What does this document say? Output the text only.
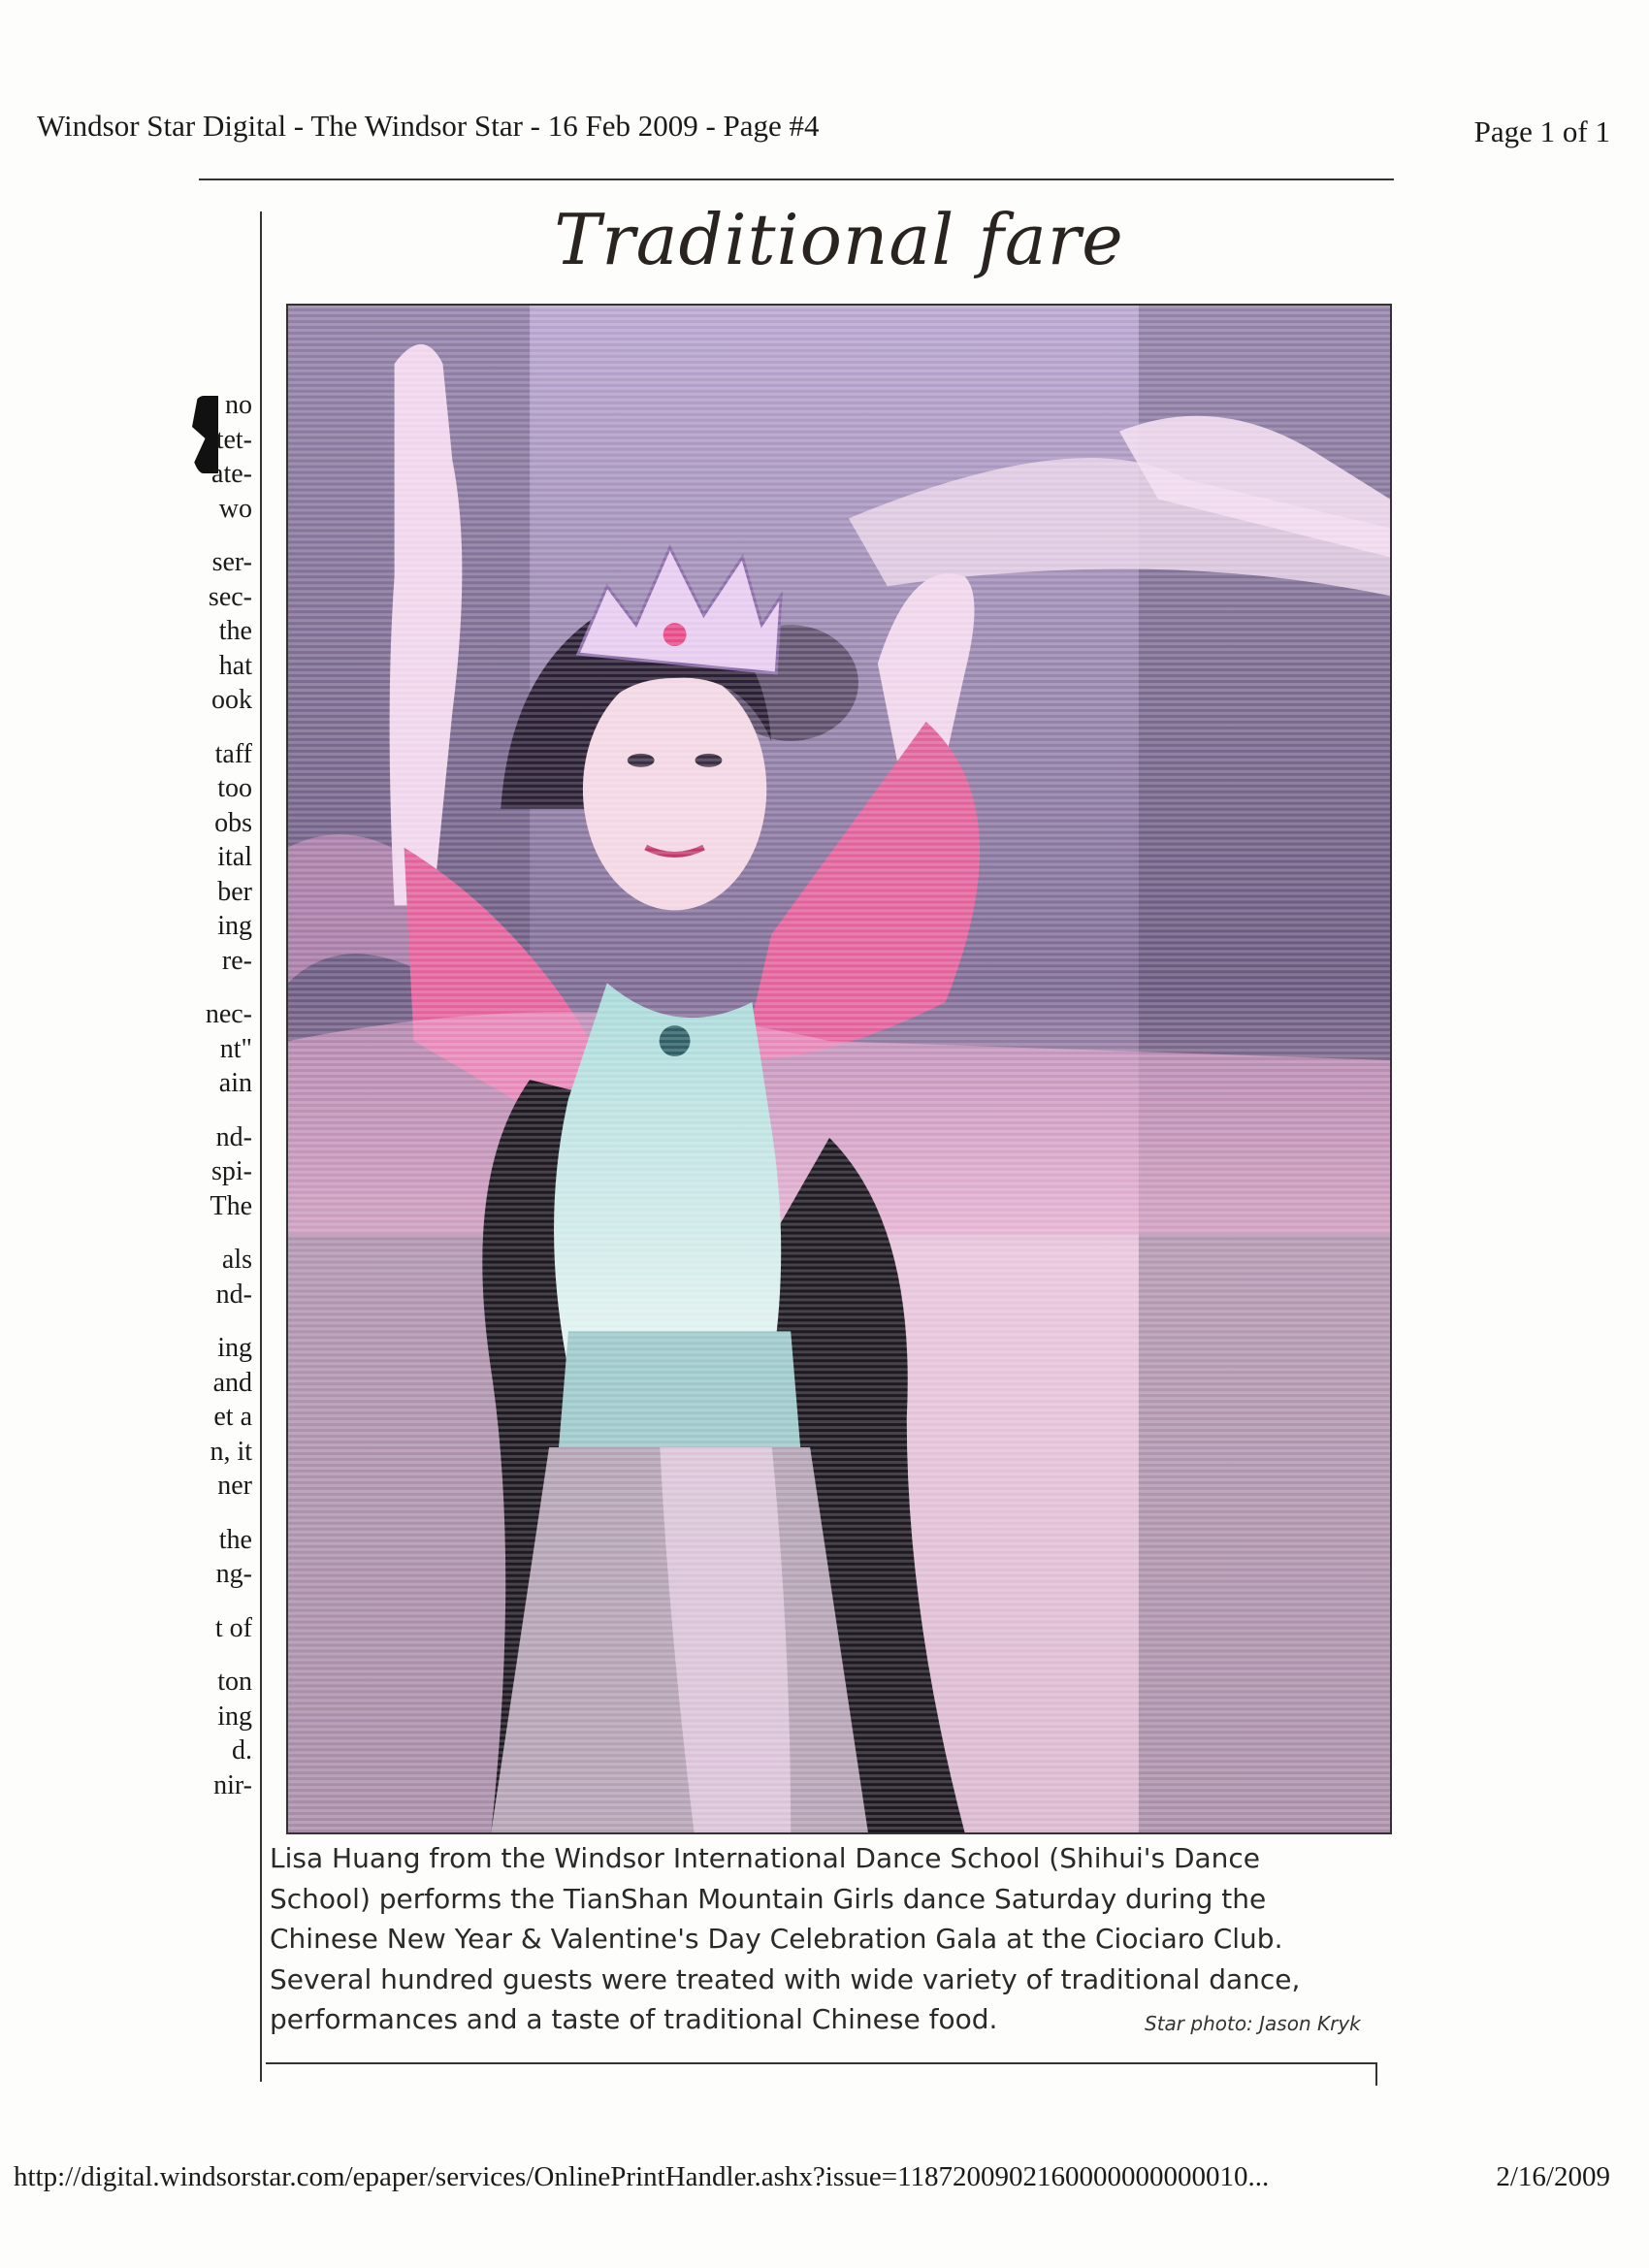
Windsor Star Digital - The Windsor Star - 16 Feb 2009 - Page #4	Page 1 of 1
no
tet-
ate-
wo
ser-
sec-
the
hat
ook
taff
too
obs
ital
ber
ing
re-
nec-
nt"
ain
nd-
spi-
The
als
nd-
ing
and
et a
n, it
ner
the
ng-
t of
ton
ing
d.
nir-
Traditional fare
Lisa Huang from the Windsor International Dance School (Shihui's Dance
School) performs the TianShan Mountain Girls dance Saturday during the
Chinese New Year & Valentine's Day Celebration Gala at the Ciociaro Club.
Several hundred guests were treated with wide variety of traditional dance,
performances and a taste of traditional Chinese food.	Star photo: Jason Kryk
http://digital.windsorstar.com/epaper/services/OnlinePrintHandler.ashx?issue=1187200902160000000000010...	2/16/2009
